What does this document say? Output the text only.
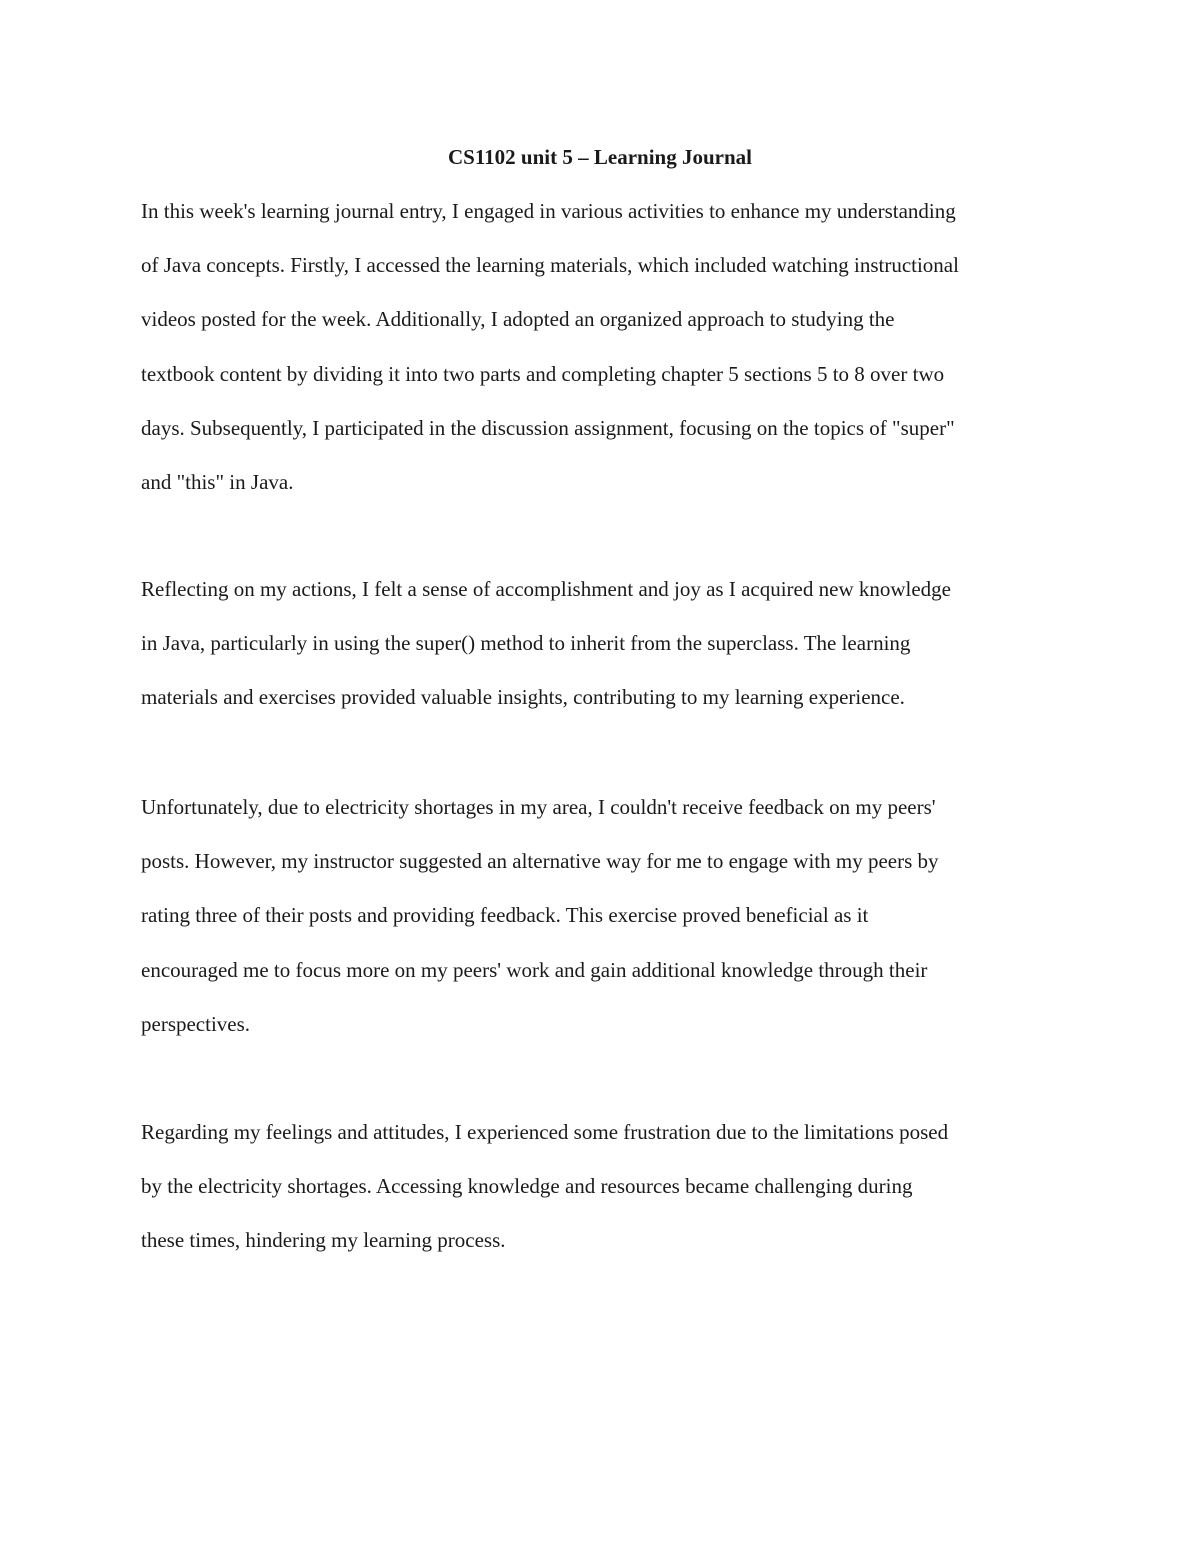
CS1102 unit 5 – Learning Journal

In this week's learning journal entry, I engaged in various activities to enhance my understanding
of Java concepts. Firstly, I accessed the learning materials, which included watching instructional
videos posted for the week. Additionally, I adopted an organized approach to studying the
textbook content by dividing it into two parts and completing chapter 5 sections 5 to 8 over two
days. Subsequently, I participated in the discussion assignment, focusing on the topics of "super"
and "this" in Java.

Reflecting on my actions, I felt a sense of accomplishment and joy as I acquired new knowledge
in Java, particularly in using the super() method to inherit from the superclass. The learning
materials and exercises provided valuable insights, contributing to my learning experience.

Unfortunately, due to electricity shortages in my area, I couldn't receive feedback on my peers'
posts. However, my instructor suggested an alternative way for me to engage with my peers by
rating three of their posts and providing feedback. This exercise proved beneficial as it
encouraged me to focus more on my peers' work and gain additional knowledge through their
perspectives.

Regarding my feelings and attitudes, I experienced some frustration due to the limitations posed
by the electricity shortages. Accessing knowledge and resources became challenging during
these times, hindering my learning process.
